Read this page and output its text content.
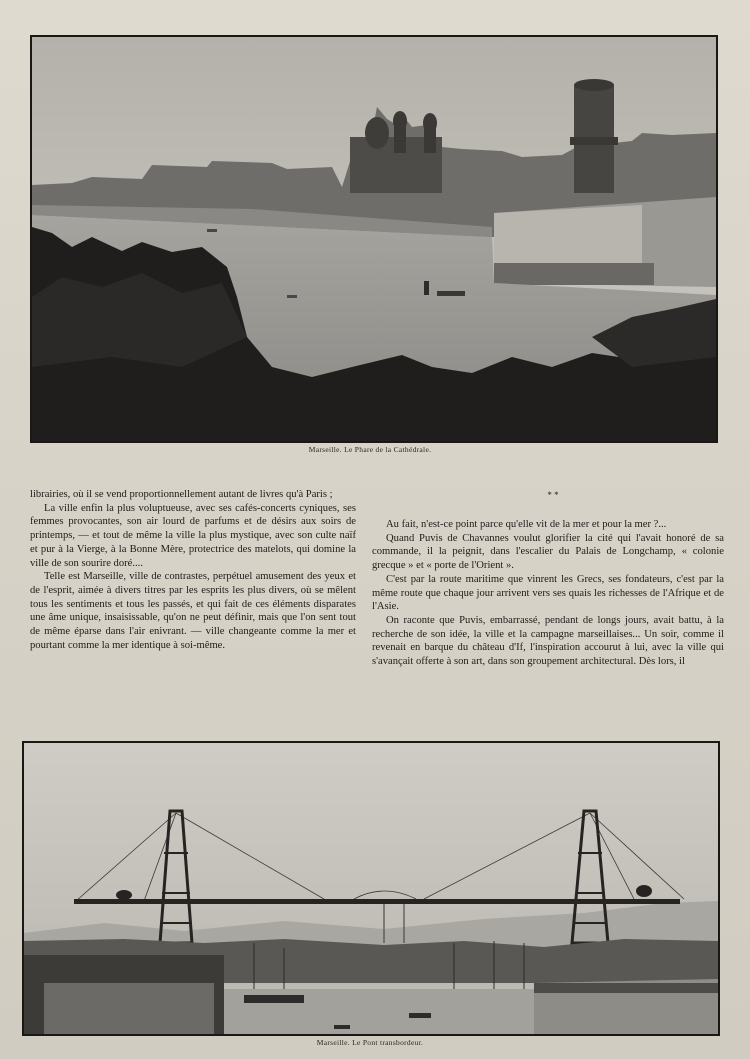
Marseille. Le Phare de la Cathédrale.

librairies, où il se vend proportionnellement autant de livres qu'à Paris ;

La ville enfin la plus voluptueuse, avec ses cafés-concerts cyniques, ses femmes provocantes, son air lourd de parfums et de désirs aux soirs de printemps, — et tout de même la ville la plus mystique, avec son culte naïf et pur à la Vierge, à la Bonne Mère, protectrice des matelots, qui domine la ville de son sourire doré....

Telle est Marseille, ville de contrastes, perpétuel amusement des yeux et de l'esprit, aimée à divers titres par les esprits les plus divers, où se mêlent tous les sentiments et tous les passés, et qui fait de ces éléments disparates une âme unique, insaisissable, qu'on ne peut définir, mais que l'on sent tout de même éparse dans l'air enivrant. — ville changeante comme la mer et pourtant comme la mer identique à soi-même.

* *

Au fait, n'est-ce point parce qu'elle vit de la mer et pour la mer ?...

Quand Puvis de Chavannes voulut glorifier la cité qui l'avait honoré de sa commande, il la peignit, dans l'escalier du Palais de Longchamp, « colonie grecque » et « porte de l'Orient ».

C'est par la route maritime que vinrent les Grecs, ses fondateurs, c'est par la même route que chaque jour arrivent vers ses quais les richesses de l'Afrique et de l'Asie.

On raconte que Puvis, embarrassé, pendant de longs jours, avait battu, à la recherche de son idée, la ville et la campagne marseillaises... Un soir, comme il revenait en barque du château d'If, l'inspiration accourut à lui, avec la ville qui s'avançait offerte à son art, dans son groupement architectural. Dès lors, il

Marseille. Le Pont transbordeur.
